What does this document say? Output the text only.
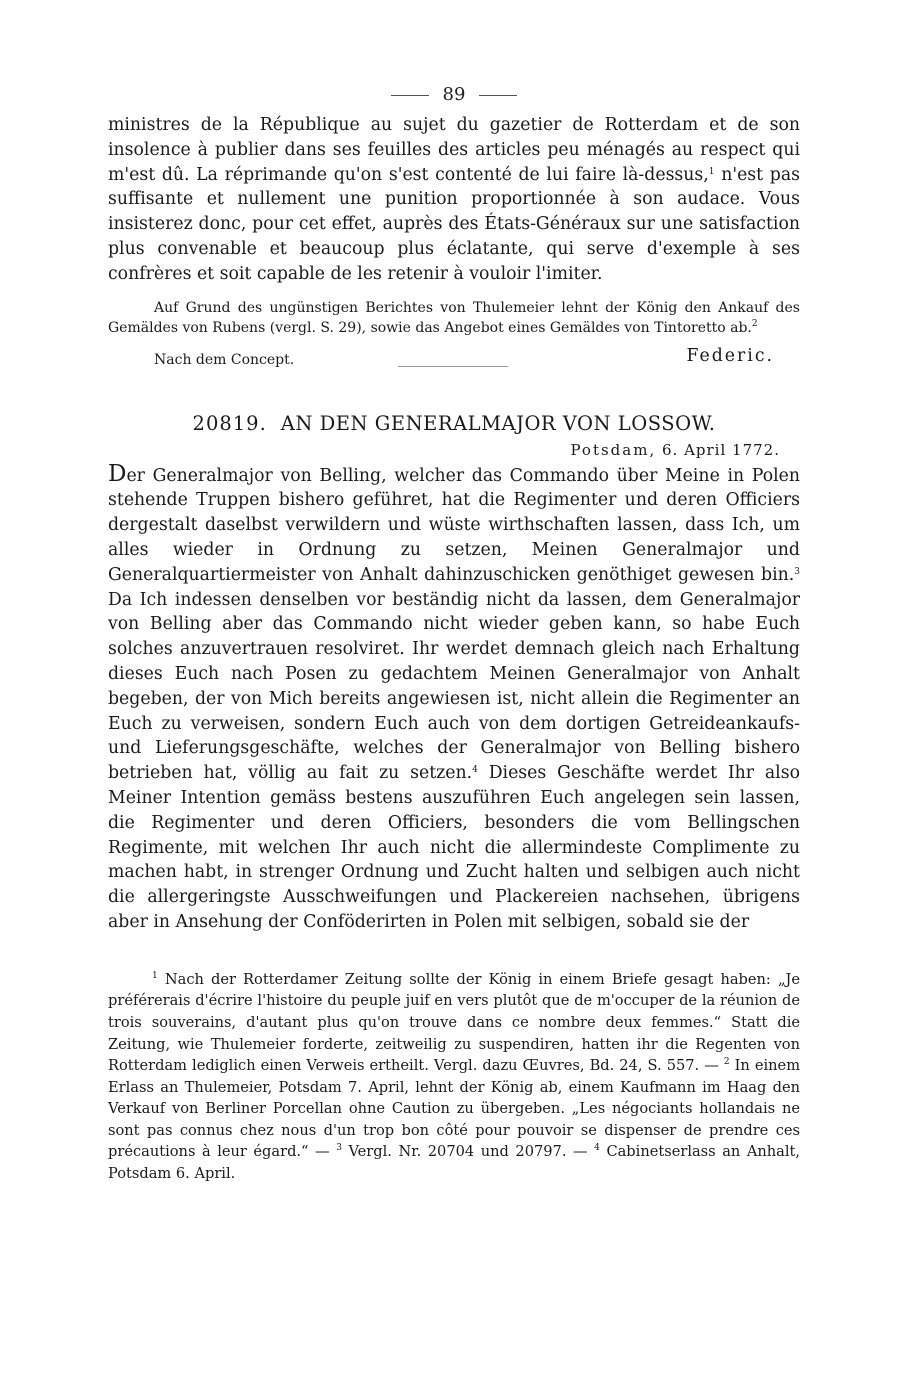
89

ministres de la République au sujet du gazetier de Rotterdam et de son insolence à publier dans ses feuilles des articles peu ménagés au respect qui m'est dû. La réprimande qu'on s'est contenté de lui faire là-dessus,$^1$ n'est pas suffisante et nullement une punition proportionnée à son audace. Vous insisterez donc, pour cet effet, auprès des États-Généraux sur une satisfaction plus convenable et beaucoup plus éclatante, qui serve d'exemple à ses confrères et soit capable de les retenir à vouloir l'imiter.

Auf Grund des ungünstigen Berichtes von Thulemeier lehnt der König den Ankauf des Gemäldes von Rubens (vergl. S. 29), sowie das Angebot eines Gemäldes von Tintoretto ab.$^2$
Nach dem Concept.	Federic.
20819. AN DEN GENERALMAJOR VON LOSSOW.
Potsdam, 6. April 1772.

Der Generalmajor von Belling, welcher das Commando über Meine in Polen stehende Truppen bishero geführet, hat die Regimenter und deren Officiers dergestalt daselbst verwildern und wüste wirthschaften lassen, dass Ich, um alles wieder in Ordnung zu setzen, Meinen Generalmajor und Generalquartiermeister von Anhalt dahinzuschicken genöthiget gewesen bin.$^3$ Da Ich indessen denselben vor beständig nicht da lassen, dem Generalmajor von Belling aber das Commando nicht wieder geben kann, so habe Euch solches anzuvertrauen resolviret. Ihr werdet demnach gleich nach Erhaltung dieses Euch nach Posen zu gedachtem Meinen Generalmajor von Anhalt begeben, der von Mich bereits angewiesen ist, nicht allein die Regimenter an Euch zu verweisen, sondern Euch auch von dem dortigen Getreideankaufs- und Lieferungsgeschäfte, welches der Generalmajor von Belling bishero betrieben hat, völlig au fait zu setzen.$^4$ Dieses Geschäfte werdet Ihr also Meiner Intention gemäss bestens auszuführen Euch angelegen sein lassen, die Regimenter und deren Officiers, besonders die vom Bellingschen Regimente, mit welchen Ihr auch nicht die allermindeste Complimente zu machen habt, in strenger Ordnung und Zucht halten und selbigen auch nicht die allergeringste Ausschweifungen und Plackereien nachsehen, übrigens aber in Ansehung der Conföderirten in Polen mit selbigen, sobald sie der

$^1$ Nach der Rotterdamer Zeitung sollte der König in einem Briefe gesagt haben: „Je préférerais d'écrire l'histoire du peuple juif en vers plutôt que de m'occuper de la réunion de trois souverains, d'autant plus qu'on trouve dans ce nombre deux femmes.“ Statt die Zeitung, wie Thulemeier forderte, zeitweilig zu suspendiren, hatten ihr die Regenten von Rotterdam lediglich einen Verweis ertheilt. Vergl. dazu Œuvres, Bd. 24, S. 557. — $^2$ In einem Erlass an Thulemeier, Potsdam 7. April, lehnt der König ab, einem Kaufmann im Haag den Verkauf von Berliner Porcellan ohne Caution zu übergeben. „Les négociants hollandais ne sont pas connus chez nous d'un trop bon côté pour pouvoir se dispenser de prendre ces précautions à leur égard.“ — $^3$ Vergl. Nr. 20704 und 20797. — $^4$ Cabinetserlass an Anhalt, Potsdam 6. April.
